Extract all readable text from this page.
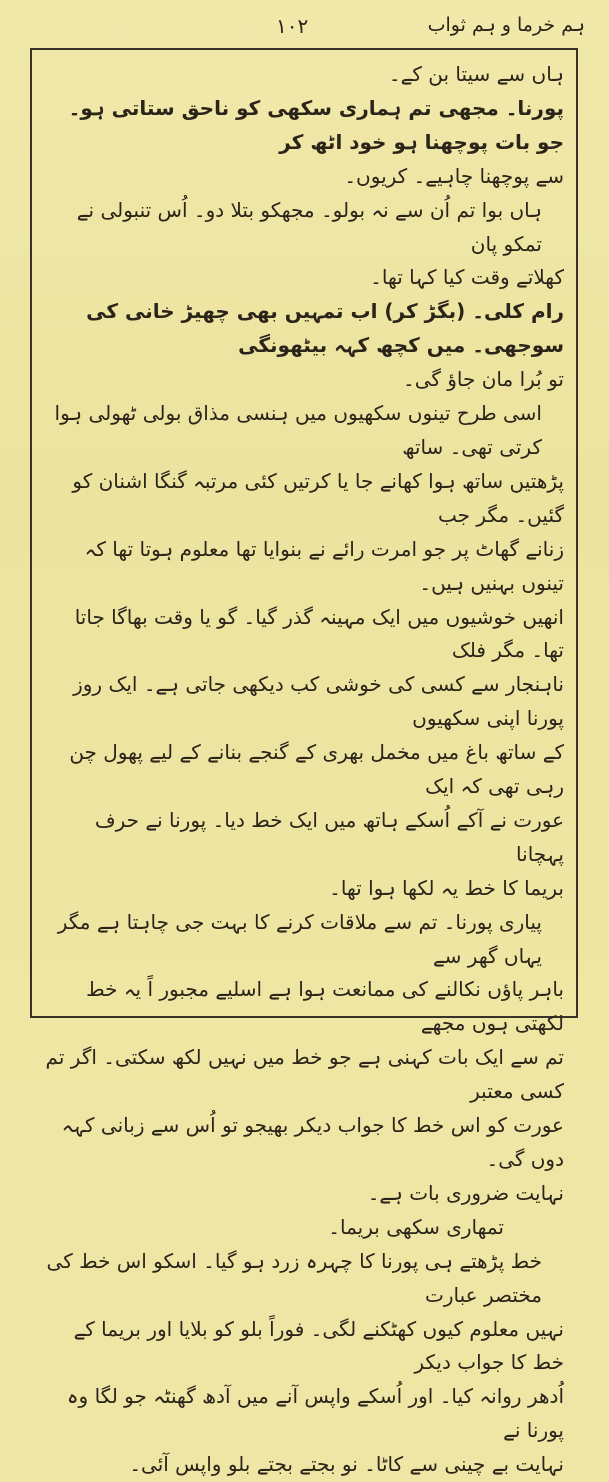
ہم خرما و ہم ثواب
۱۰۲

ہاں سے سیتا بن کے۔

پورنا۔ مجھی تم ہماری سکھی کو ناحق ستاتی ہو۔ جو بات پوچھنا ہو خود اٹھ کر

سے پوچھنا چاہیے۔ کریوں۔

ہاں بوا تم اُن سے نہ بولو۔ مجھکو بتلا دو۔ اُس تنبولی نے تمکو پان

کھلاتے وقت کیا کہا تھا۔

رام کلی۔ (بگڑ کر) اب تمہیں بھی چھیڑ خانی کی سوجھی۔ میں کچھ کہہ بیٹھونگی

تو بُرا مان جاؤ گی۔

اسی طرح تینوں سکھیوں میں ہنسی مذاق بولی ٹھولی ہوا کرتی تھی۔ ساتھ

پڑھتیں ساتھ ہوا کھانے جا یا کرتیں کئی مرتبہ گنگا اشنان کو گئیں۔ مگر جب

زنانے گھاٹ پر جو امرت رائے نے بنوایا تھا معلوم ہوتا تھا کہ تینوں بہنیں ہیں۔

انھیں خوشیوں میں ایک مہینہ گذر گیا۔ گو یا وقت بھاگا جاتا تھا۔ مگر فلک

ناہنجار سے کسی کی خوشی کب دیکھی جاتی ہے۔ ایک روز پورنا اپنی سکھیوں

کے ساتھ باغ میں مخمل بھری کے گنجے بنانے کے لیے پھول چن رہی تھی کہ ایک

عورت نے آکے اُسکے ہاتھ میں ایک خط دیا۔ پورنا نے حرف پہچانا

بریما کا خط یہ لکھا ہوا تھا۔

پیاری پورنا۔ تم سے ملاقات کرنے کا بہت جی چاہتا ہے مگر یہاں گھر سے

باہر پاؤں نکالنے کی ممانعت ہوا ہے اسلیے مجبور اً یہ خط لکھتی ہوں مجھے

تم سے ایک بات کہنی ہے جو خط میں نہیں لکھ سکتی۔ اگر تم کسی معتبر

عورت کو اس خط کا جواب دیکر بھیجو تو اُس سے زبانی کہہ دوں گی۔

نہایت ضروری بات ہے۔

تمھاری سکھی بریما۔

خط پڑھتے ہی پورنا کا چہرہ زرد ہو گیا۔ اسکو اس خط کی مختصر عبارت

نہیں معلوم کیوں کھٹکنے لگی۔ فوراً بلو کو بلایا اور بریما کے خط کا جواب دیکر

اُدھر روانہ کیا۔ اور اُسکے واپس آنے میں آدھ گھنٹہ جو لگا وہ پورنا نے

نہایت بے چینی سے کاٹا۔ نو بجتے بجتے بلو واپس آئی۔
